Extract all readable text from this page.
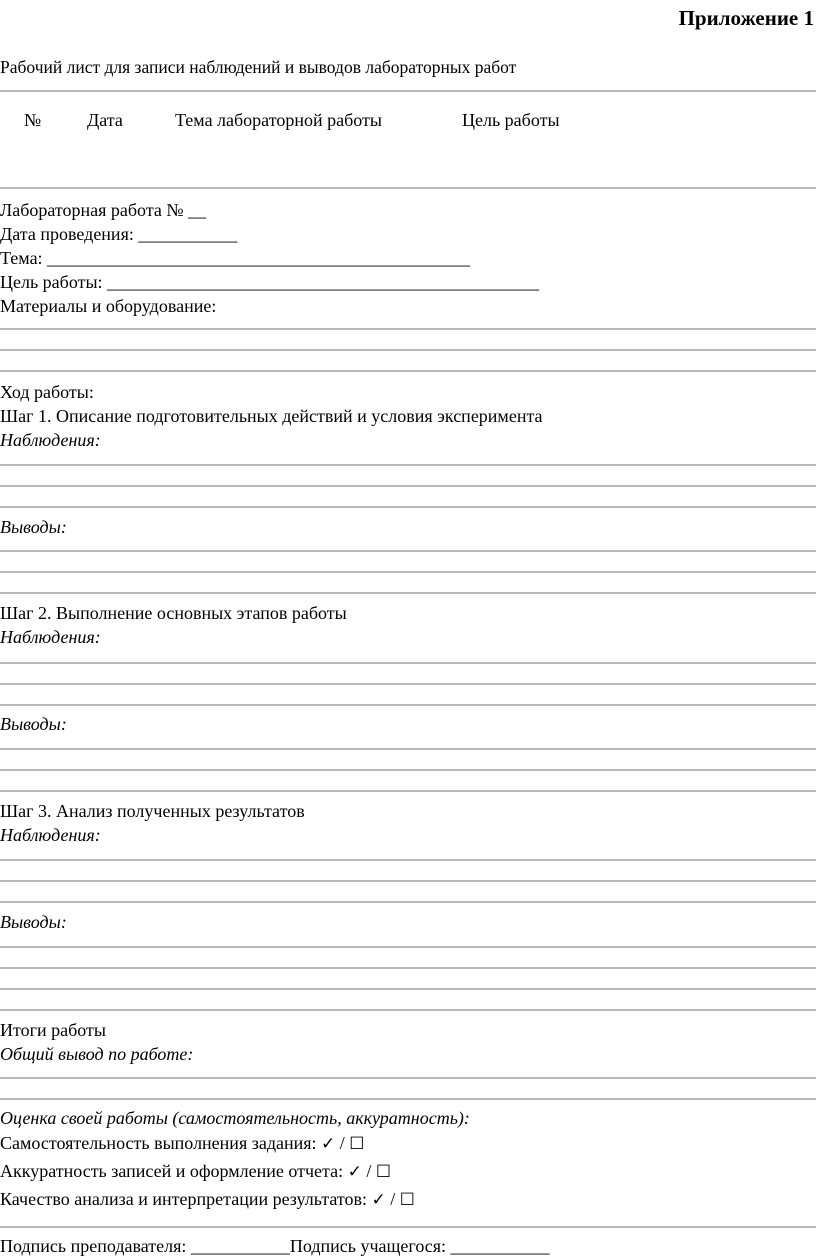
Приложение 1
Рабочий лист для записи наблюдений и выводов лабораторных работ
№	Дата	Тема лабораторной работы	Цель работы
Лабораторная работа № __
Дата проведения: ___________
Тема: _______________________________________________
Цель работы: ________________________________________________
Материалы и оборудование:
Ход работы:
Шаг 1. Описание подготовительных действий и условия эксперимента
Наблюдения:
Выводы:
Шаг 2. Выполнение основных этапов работы
Наблюдения:
Выводы:
Шаг 3. Анализ полученных результатов
Наблюдения:
Выводы:
Итоги работы
Общий вывод по работе:
Оценка своей работы (самостоятельность, аккуратность):
Самостоятельность выполнения задания: ✓ / ☐
Аккуратность записей и оформление отчета: ✓ / ☐
Качество анализа и интерпретации результатов: ✓ / ☐
Подпись преподавателя: ___________Подпись учащегося: ___________
